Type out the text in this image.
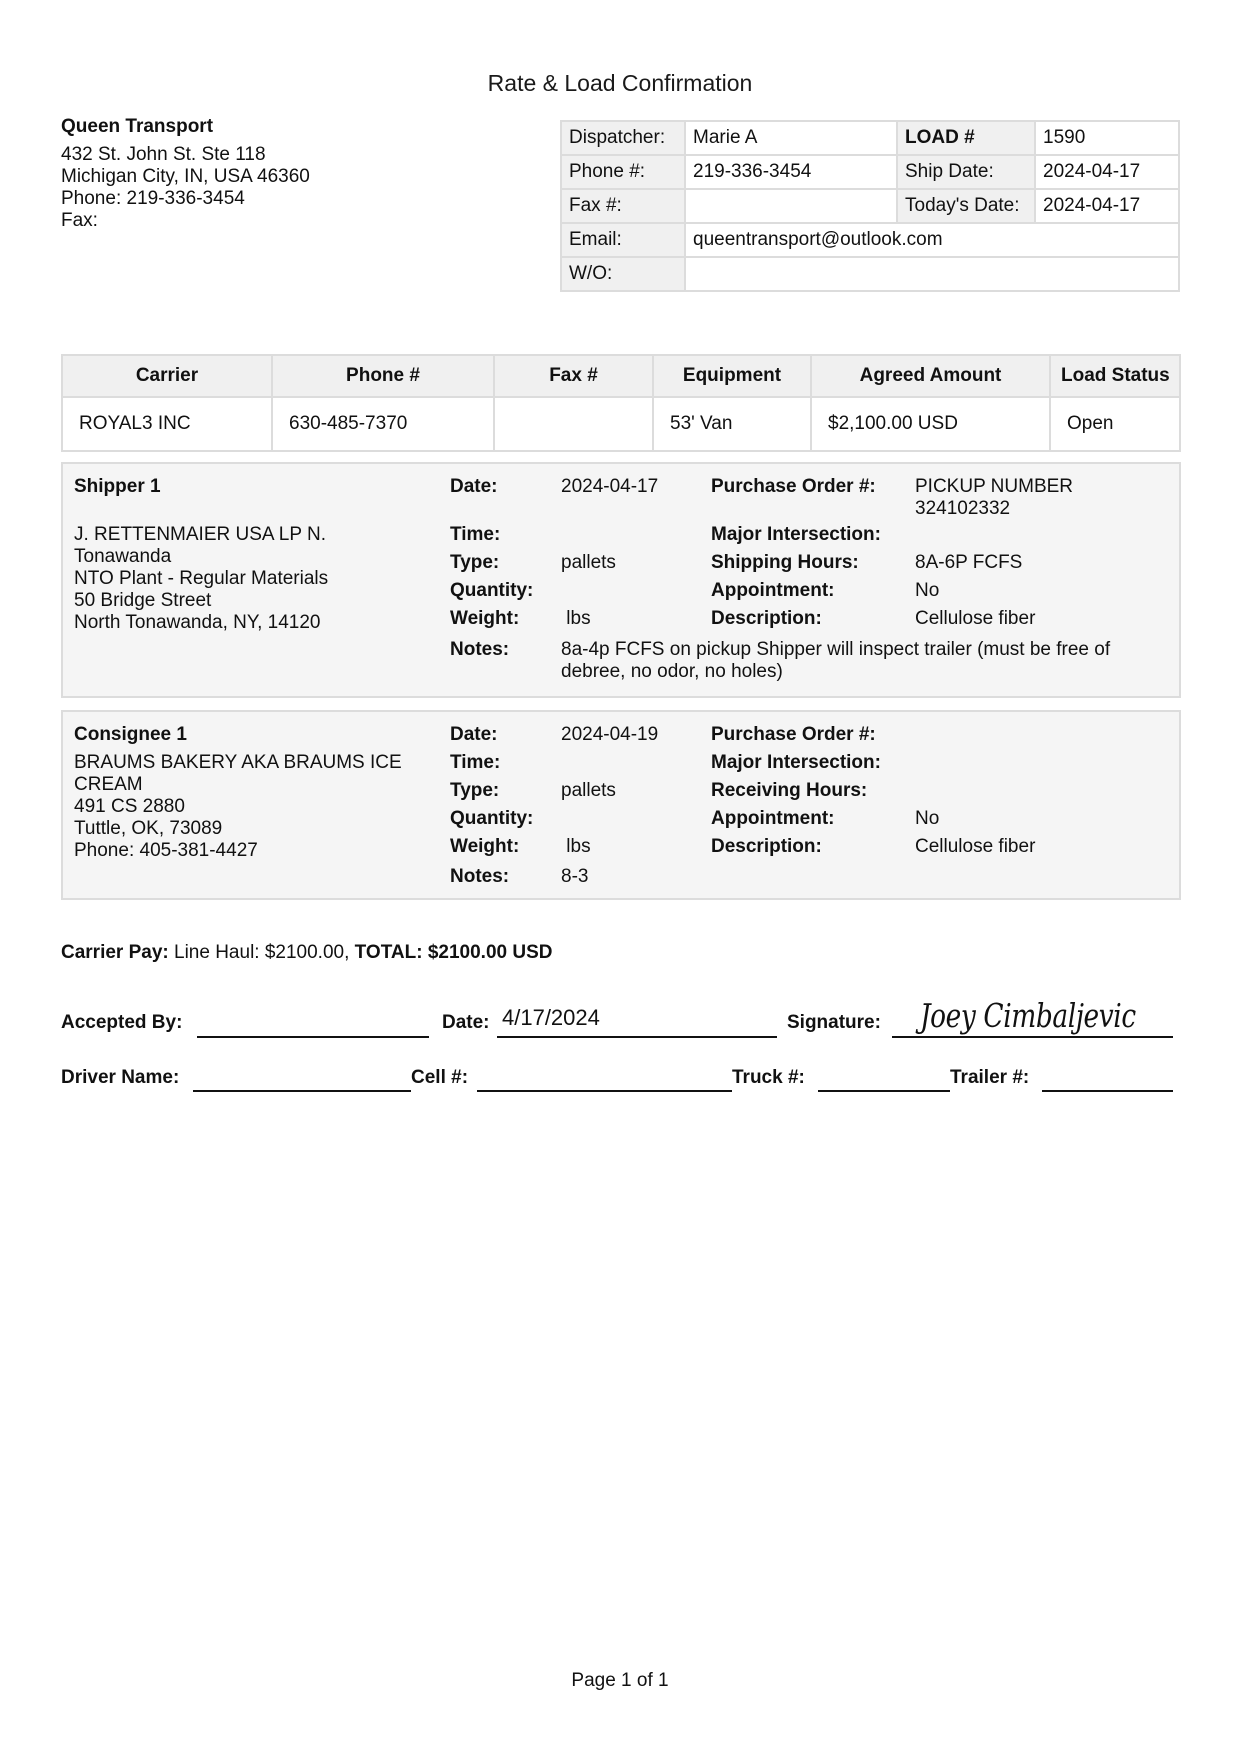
Rate & Load Confirmation
Queen Transport
432 St. John St. Ste 118
Michigan City, IN, USA 46360
Phone: 219-336-3454
Fax:
Dispatcher:	Marie A	LOAD #	1590
Phone #:	219-336-3454	Ship Date:	2024-04-17
Fax #:		Today's Date:	2024-04-17
Email:	queentransport@outlook.com		
W/O:			
Carrier	Phone #	Fax #	Equipment	Agreed Amount	Load Status
ROYAL3 INC	630-485-7370		53' Van	$2,100.00 USD	Open
Shipper 1
J. RETTENMAIER USA LP N. Tonawanda
NTO Plant - Regular Materials
50 Bridge Street
North Tonawanda, NY, 14120
Date:	2024-04-17
Time:
Type:	pallets
Quantity:
Weight: lbs
Notes:	8a-4p FCFS on pickup Shipper will inspect trailer (must be free of debree, no odor, no holes)
Purchase Order #: PICKUP NUMBER 324102332
Major Intersection:
Shipping Hours:	8A-6P FCFS
Appointment:	No
Description:	Cellulose fiber
Consignee 1
BRAUMS BAKERY AKA BRAUMS ICE CREAM
491 CS 2880
Tuttle, OK, 73089
Phone: 405-381-4427
Date:	2024-04-19
Time:
Type:	pallets
Quantity:
Weight: lbs
Notes:	8-3
Purchase Order #:
Major Intersection:
Receiving Hours:
Appointment:	No
Description:	Cellulose fiber
Carrier Pay: Line Haul: $2100.00, TOTAL: $2100.00 USD
Accepted By:	Date: 4/17/2024	Signature: Joey Cimbaljevic
Driver Name:	Cell #:	Truck #:	Trailer #:
Page 1 of 1
